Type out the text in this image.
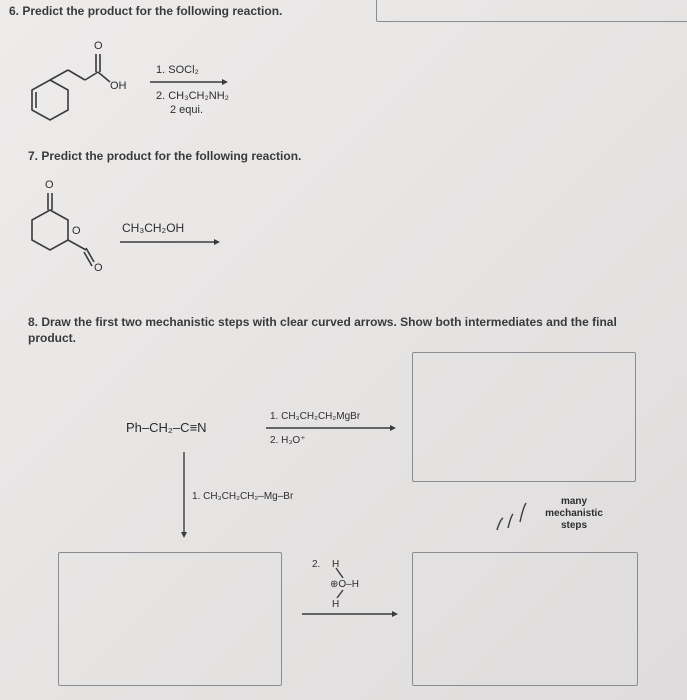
6. Predict the product for the following reaction.
O
OH
1. SOCl₂
2. CH₃CH₂NH₂
2 equi.
7. Predict the product for the following reaction.
O
O
O
CH₃CH₂OH
8. Draw the first two mechanistic steps with clear curved arrows. Show both intermediates and the final product.
Ph–CH₂–C≡N
1. CH₃CH₂CH₂MgBr
2. H₃O⁺
1. CH₃CH₂CH₂–Mg–Br
2. H
⊕O–H
H
many mechanistic steps
